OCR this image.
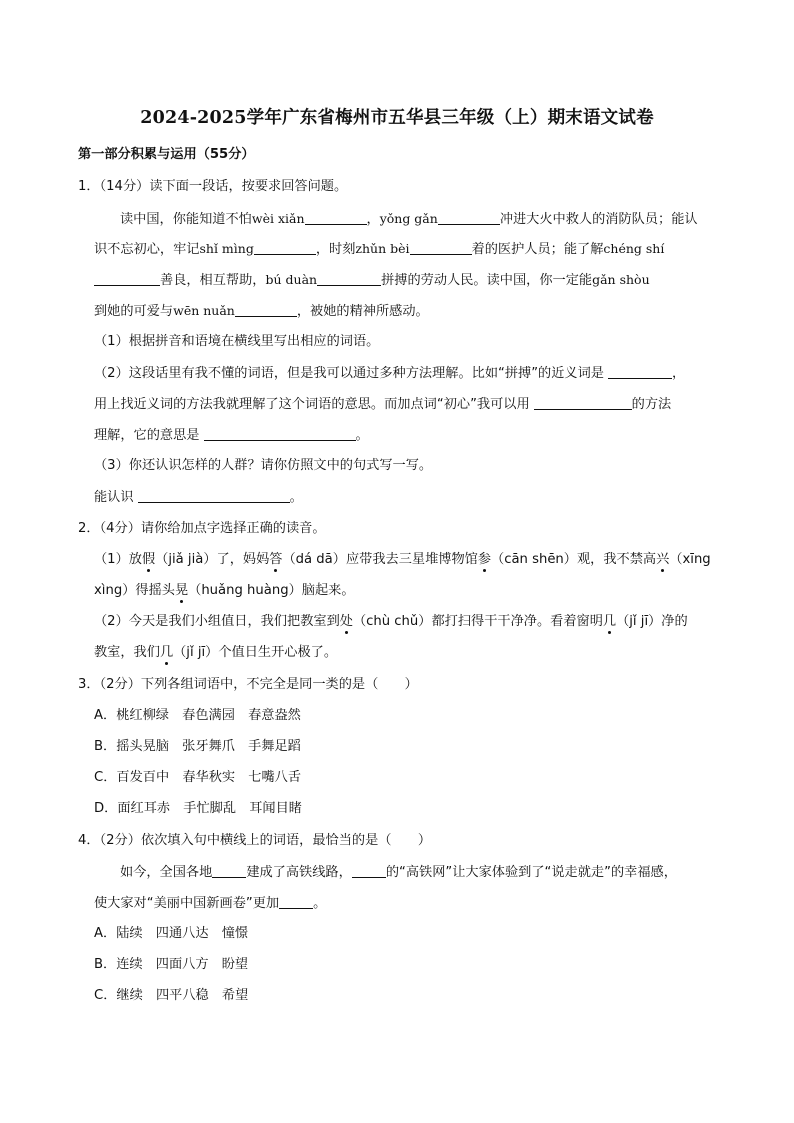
2024-2025学年广东省梅州市五华县三年级（上）期末语文试卷
第一部分积累与运用（55分）
1．（14分）读下面一段话，按要求回答问题。
读中国，你能知道不怕wèi xiǎn	，yǒng gǎn	冲进大火中救人的消防队员；能认
识不忘初心，牢记shǐ mìng	，时刻zhǔn bèi	着的医护人员；能了解chéng shí
善良，相互帮助，bú duàn	拼搏的劳动人民。读中国，你一定能gǎn shòu
到她的可爱与wēn nuǎn	，被她的精神所感动。
（1）根据拼音和语境在横线里写出相应的词语。
（2）这段话里有我不懂的词语，但是我可以通过多种方法理解。比如“拼搏”的近义词是	，
用上找近义词的方法我就理解了这个词语的意思。而加点词“初心”我可以用	的方法
理解，它的意思是	。
（3）你还认识怎样的人群？请你仿照文中的句式写一写。
能认识	。
2．（4分）请你给加点字选择正确的读音。
（1）放假（jiǎ jià）了，妈妈答（dá dā）应带我去三星堆博物馆参（cān shēn）观，我不禁高兴（xīng
xìng）得摇头晃（huǎng huàng）脑起来。
（2）今天是我们小组值日，我们把教室到处（chù chǔ）都打扫得干干净净。看着窗明几（jǐ jī）净的
教室，我们几（jǐ jī）个值日生开心极了。
3．（2分）下列各组词语中，不完全是同一类的是（　　）
A．桃红柳绿　春色满园　春意盎然
B．摇头晃脑　张牙舞爪　手舞足蹈
C．百发百中　春华秋实　七嘴八舌
D．面红耳赤　手忙脚乱　耳闻目睹
4．（2分）依次填入句中横线上的词语，最恰当的是（　　）
如今，全国各地	建成了高铁线路，	的“高铁网”让大家体验到了“说走就走”的幸福感，
使大家对“美丽中国新画卷”更加	。
A．陆续　四通八达　憧憬
B．连续　四面八方　盼望
C．继续　四平八稳　希望
